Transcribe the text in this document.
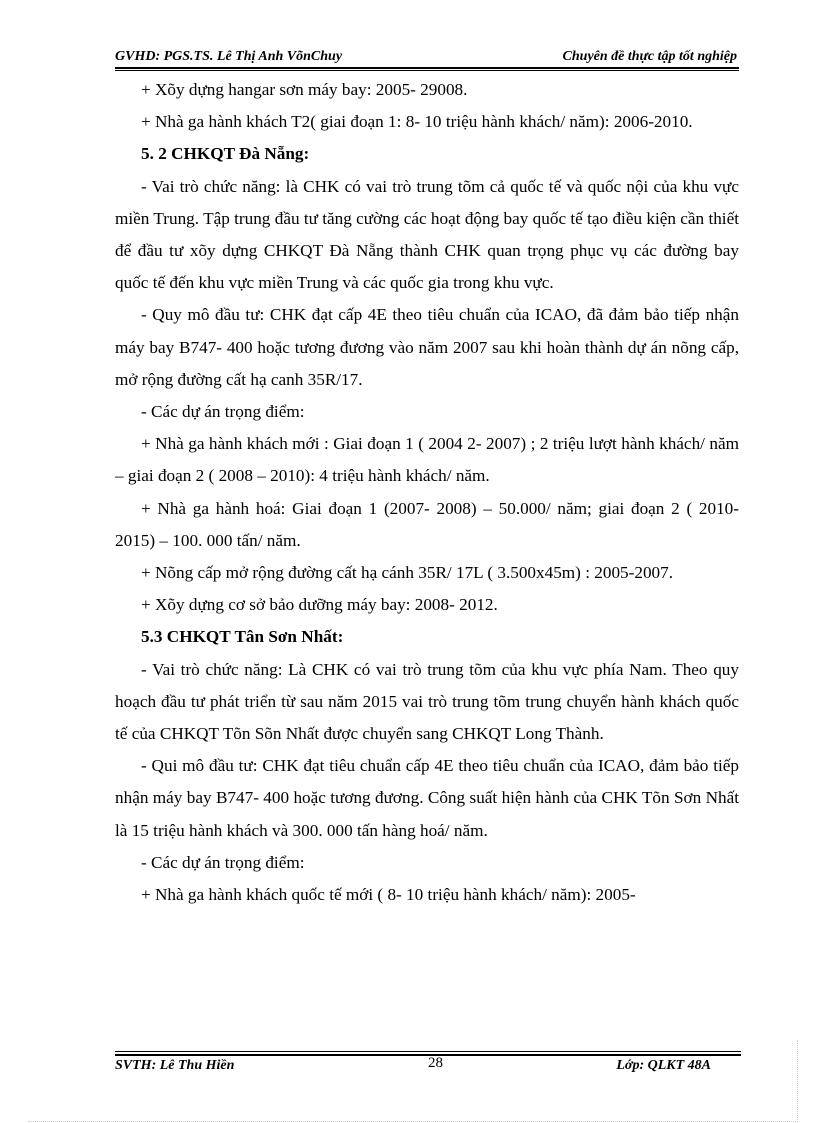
GVHD: PGS.TS. Lê Thị Anh VõnChuy	Chuyên đề thực tập tốt nghiệp

+ Xõy dựng hangar sơn máy bay: 2005- 29008.

+ Nhà ga hành khách T2( giai đoạn 1: 8- 10 triệu hành khách/ năm): 2006-2010.

5. 2 CHKQT Đà Nẵng:

- Vai trò chức năng: là CHK có vai trò trung tõm cả quốc tế và quốc nội của khu vực miền Trung. Tập trung đầu tư tăng cường các hoạt động bay quốc tế tạo điều kiện cần thiết để đầu tư xõy dựng CHKQT Đà Nẵng thành CHK quan trọng phục vụ các đường bay quốc tế đến khu vực miền Trung và các quốc gia trong khu vực.

- Quy mô đầu tư: CHK đạt cấp 4E theo tiêu chuẩn của ICAO, đã đảm bảo tiếp nhận máy bay B747- 400 hoặc tương đương vào năm 2007 sau khi hoàn thành dự án nõng cấp, mở rộng đường cất hạ canh 35R/17.

- Các dự án trọng điểm:

+ Nhà ga hành khách mới : Giai đoạn 1 ( 2004 2- 2007) ; 2 triệu lượt hành khách/ năm – giai đoạn 2 ( 2008 – 2010): 4 triệu hành khách/ năm.

+ Nhà ga hành hoá: Giai đoạn 1 (2007- 2008) – 50.000/ năm; giai đoạn 2 ( 2010- 2015) – 100. 000 tấn/ năm.

+ Nõng cấp mở rộng đường cất hạ cánh 35R/ 17L ( 3.500x45m) : 2005-2007.

+ Xõy dựng cơ sở bảo dưỡng máy bay: 2008- 2012.

5.3 CHKQT Tân Sơn Nhất:

- Vai trò chức năng: Là CHK có vai trò trung tõm của khu vực phía Nam. Theo quy hoạch đầu tư phát triển từ sau năm 2015 vai trò trung tõm trung chuyển hành khách quốc tế của CHKQT Tõn Sõn Nhất được chuyển sang CHKQT Long Thành.

- Qui mô đầu tư: CHK đạt tiêu chuẩn cấp 4E theo tiêu chuẩn của ICAO, đảm bảo tiếp nhận máy bay B747- 400 hoặc tương đương. Công suất hiện hành của CHK Tõn Sơn Nhất là 15 triệu hành khách và 300. 000 tấn hàng hoá/ năm.

- Các dự án trọng điểm:

+ Nhà ga hành khách quốc tế mới ( 8- 10 triệu hành khách/ năm): 2005-

SVTH: Lê Thu Hiền	28	Lớp: QLKT 48A
